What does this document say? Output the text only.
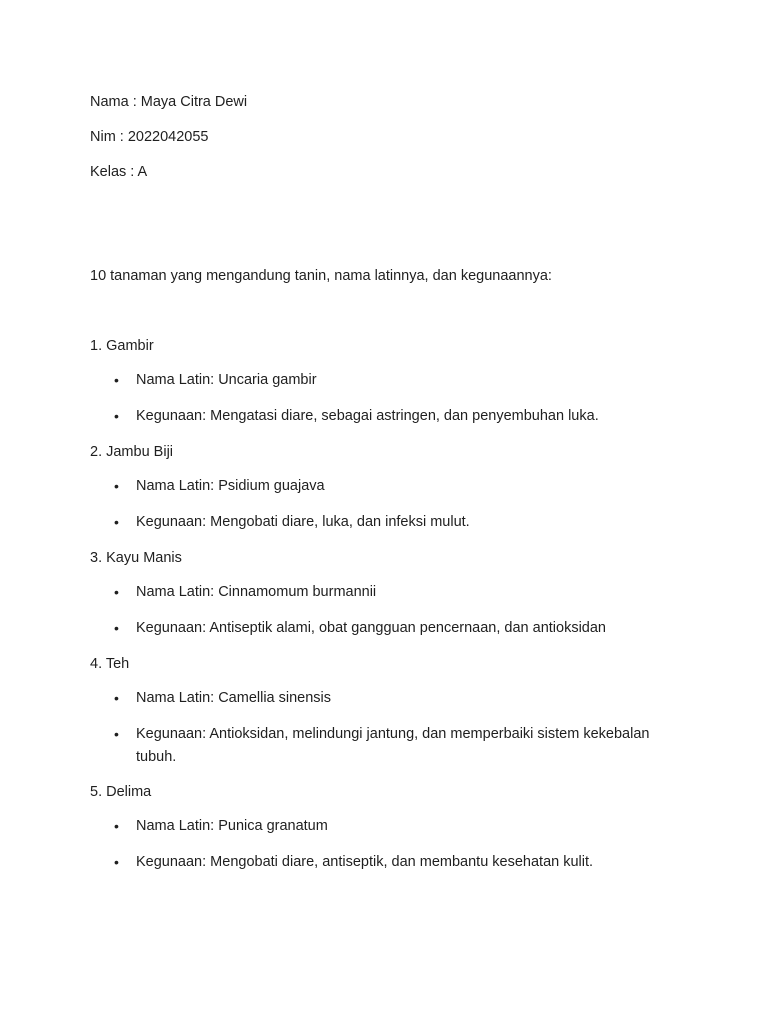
Nama : Maya Citra Dewi
Nim : 2022042055
Kelas : A
10 tanaman yang mengandung tanin, nama latinnya, dan kegunaannya:
1. Gambir
•	Nama Latin: Uncaria gambir
•	Kegunaan: Mengatasi diare, sebagai astringen, dan penyembuhan luka.
2. Jambu Biji
•	Nama Latin: Psidium guajava
•	Kegunaan: Mengobati diare, luka, dan infeksi mulut.
3. Kayu Manis
•	Nama Latin: Cinnamomum burmannii
•	Kegunaan: Antiseptik alami, obat gangguan pencernaan, dan antioksidan
4. Teh
•	Nama Latin: Camellia sinensis
•	Kegunaan: Antioksidan, melindungi jantung, dan memperbaiki sistem kekebalan tubuh.
5. Delima
•	Nama Latin: Punica granatum
•	Kegunaan: Mengobati diare, antiseptik, dan membantu kesehatan kulit.
